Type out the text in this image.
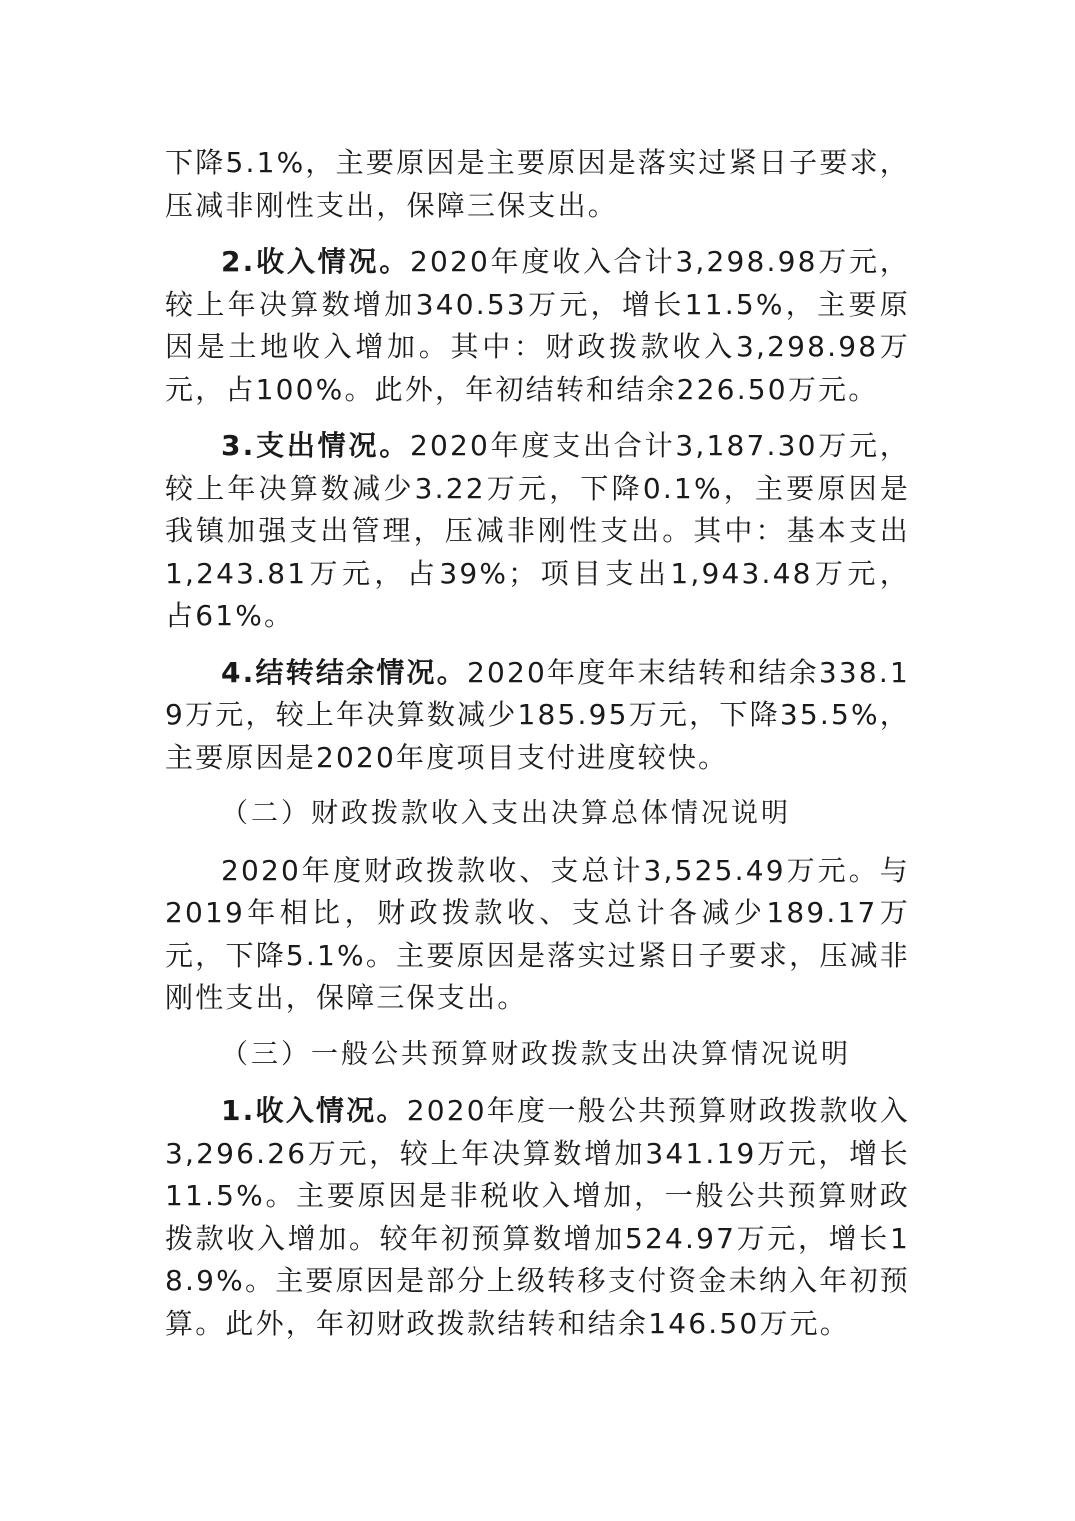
下降5.1%，主要原因是主要原因是落实过紧日子要求，压减非刚性支出，保障三保支出。

2.收入情况。2020年度收入合计3,298.98万元，较上年决算数增加340.53万元，增长11.5%，主要原因是土地收入增加。其中：财政拨款收入3,298.98万元，占100%。此外，年初结转和结余226.50万元。

3.支出情况。2020年度支出合计3,187.30万元，较上年决算数减少3.22万元，下降0.1%，主要原因是我镇加强支出管理，压减非刚性支出。其中：基本支出1,243.81万元，占39%；项目支出1,943.48万元，占61%。

4.结转结余情况。2020年度年末结转和结余338.19万元，较上年决算数减少185.95万元，下降35.5%，主要原因是2020年度项目支付进度较快。

（二）财政拨款收入支出决算总体情况说明

2020年度财政拨款收、支总计3,525.49万元。与2019年相比，财政拨款收、支总计各减少189.17万元，下降5.1%。主要原因是落实过紧日子要求，压减非刚性支出，保障三保支出。

（三）一般公共预算财政拨款支出决算情况说明

1.收入情况。2020年度一般公共预算财政拨款收入3,296.26万元，较上年决算数增加341.19万元，增长11.5%。主要原因是非税收入增加，一般公共预算财政拨款收入增加。较年初预算数增加524.97万元，增长18.9%。主要原因是部分上级转移支付资金未纳入年初预算。此外，年初财政拨款结转和结余146.50万元。
